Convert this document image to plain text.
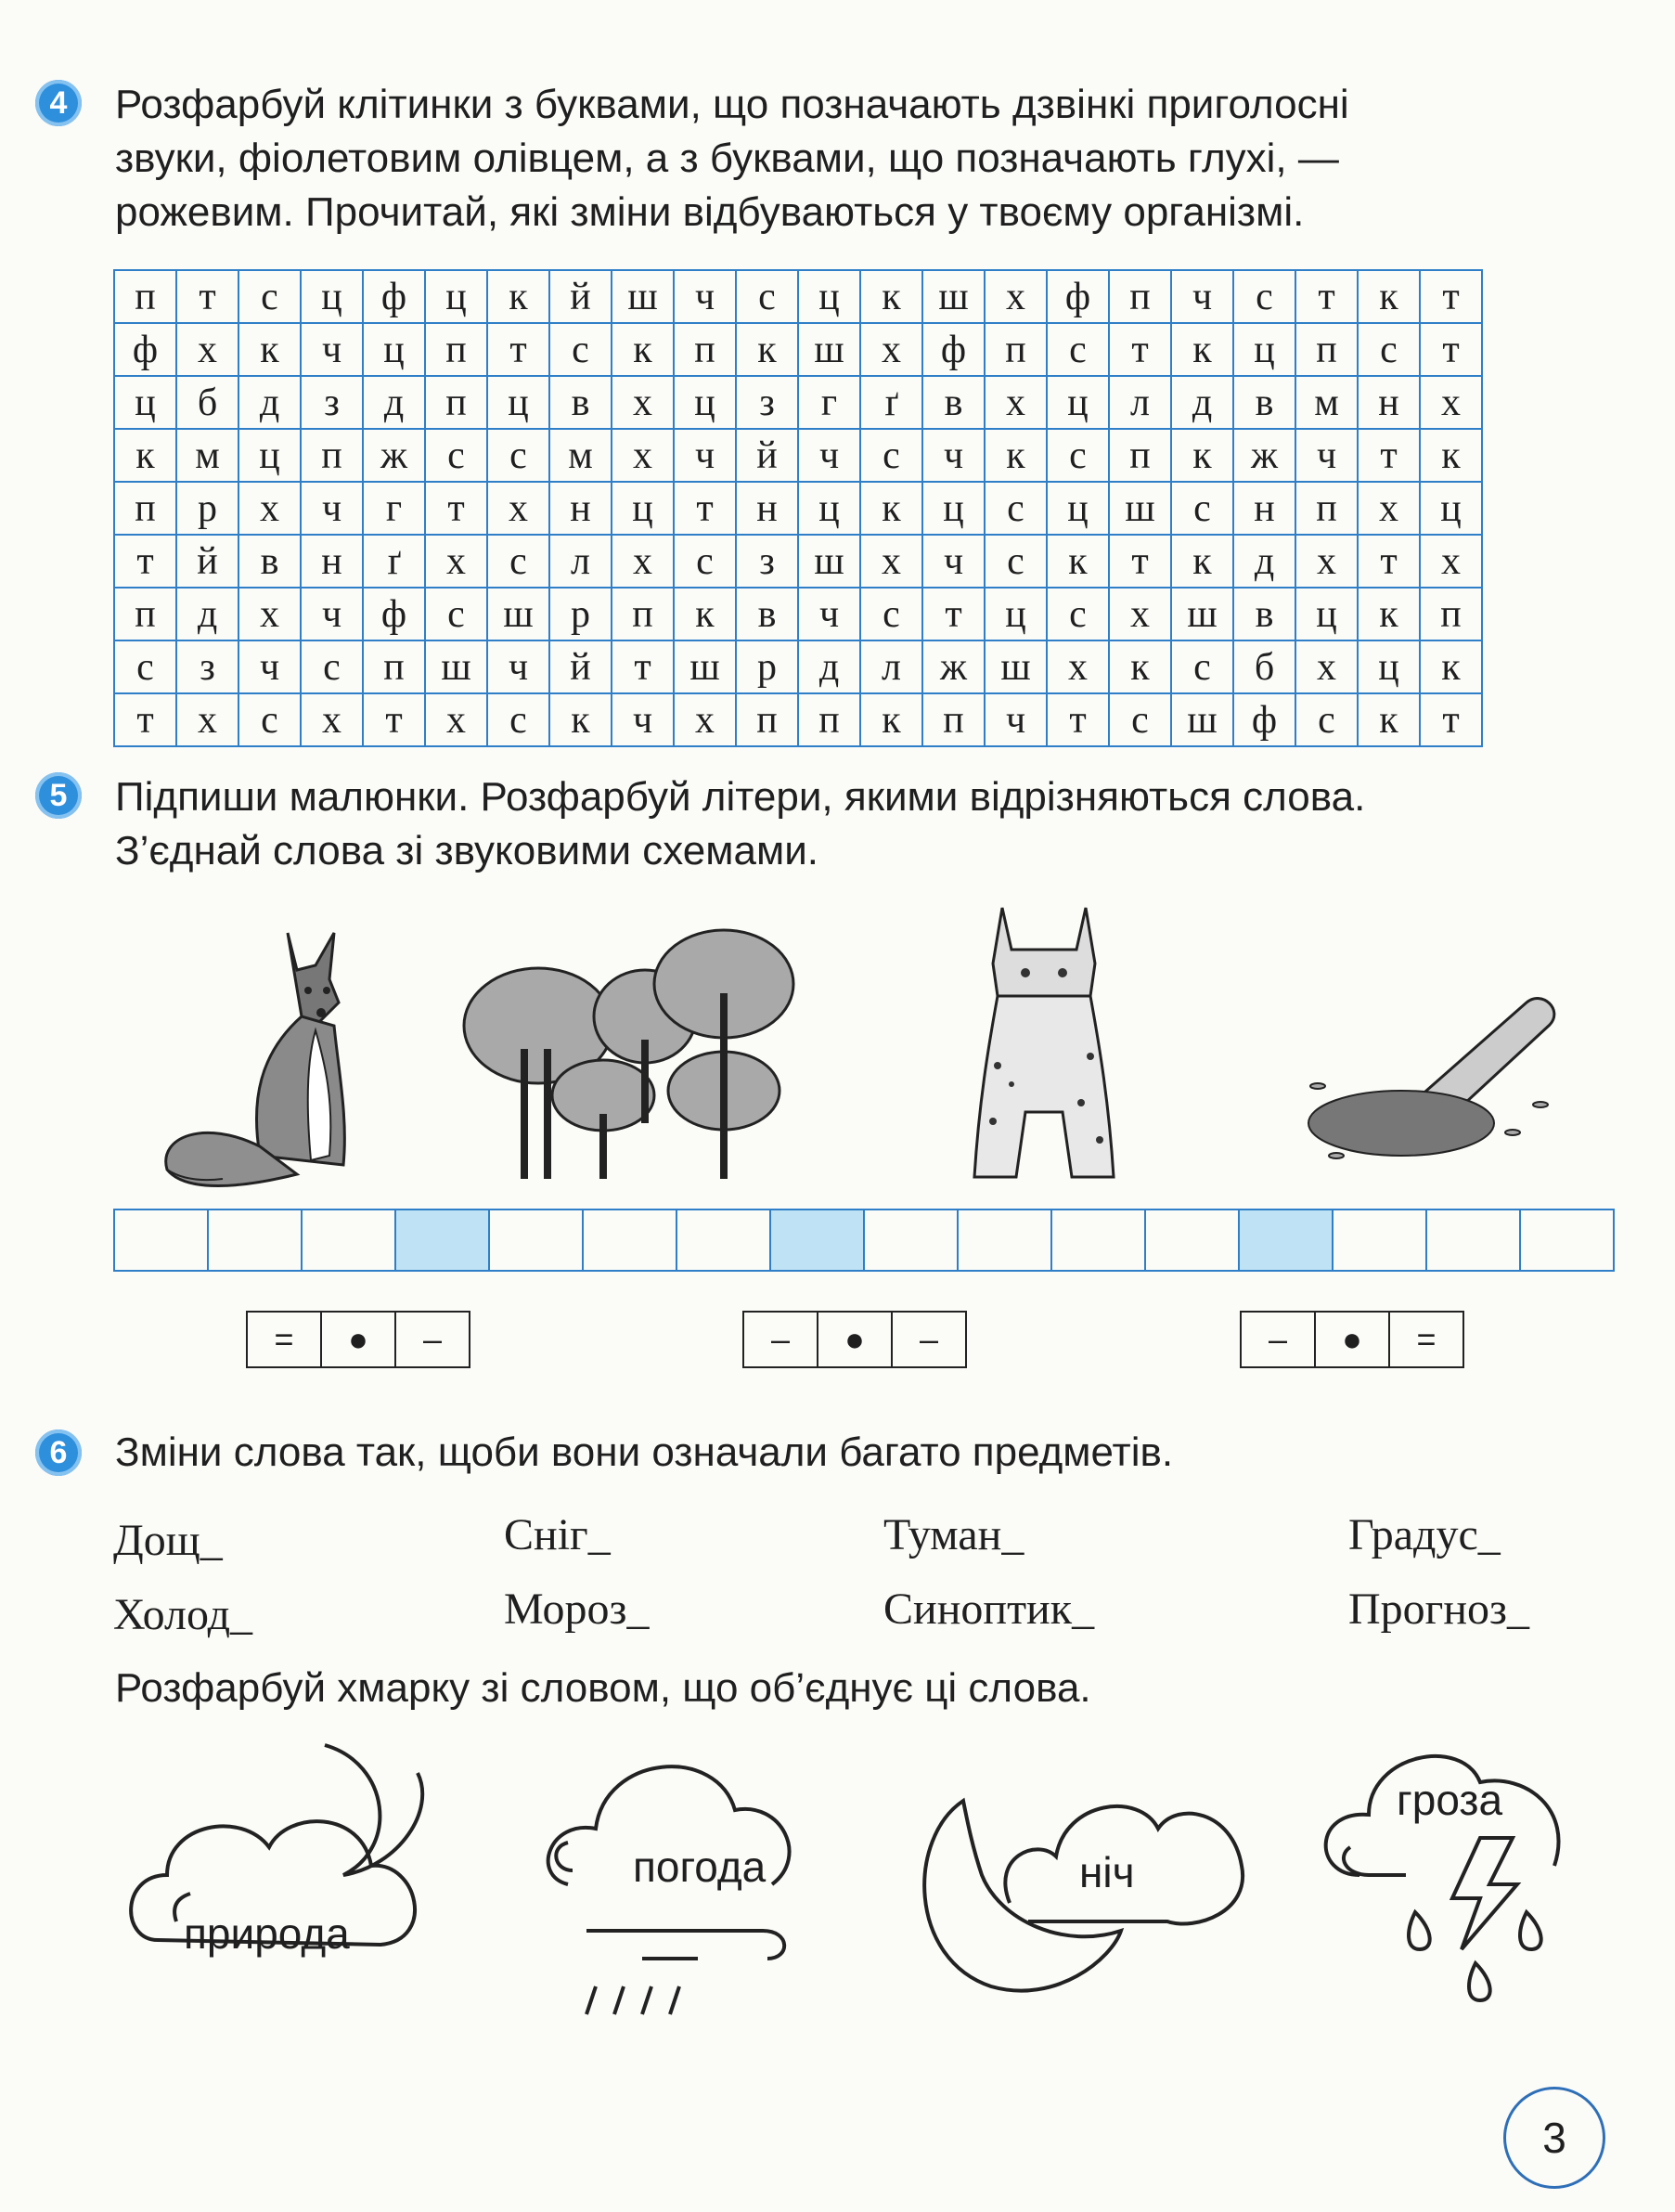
4	Розфарбуй клітинки з буквами, що позначають дзвінкі приголосні
звуки, фіолетовим олівцем, а з буквами, що позначають глухі, —
рожевим. Прочитай, які зміни відбуваються у твоєму організмі.
п	т	с	ц	ф	ц	к	й	ш	ч	с	ц	к	ш	х	ф	п	ч	с	т	к	т
ф	х	к	ч	ц	п	т	с	к	п	к	ш	х	ф	п	с	т	к	ц	п	с	т
ц	б	д	з	д	п	ц	в	х	ц	з	г	ґ	в	х	ц	л	д	в	м	н	х
к	м	ц	п	ж	с	с	м	х	ч	й	ч	с	ч	к	с	п	к	ж	ч	т	к
п	р	х	ч	г	т	х	н	ц	т	н	ц	к	ц	с	ц	ш	с	н	п	х	ц
т	й	в	н	ґ	х	с	л	х	с	з	ш	х	ч	с	к	т	к	д	х	т	х
п	д	х	ч	ф	с	ш	р	п	к	в	ч	с	т	ц	с	х	ш	в	ц	к	п
с	з	ч	с	п	ш	ч	й	т	ш	р	д	л	ж	ш	х	к	с	б	х	ц	к
т	х	с	х	т	х	с	к	ч	х	п	п	к	п	ч	т	с	ш	ф	с	к	т
5	Підпиши малюнки. Розфарбуй літери, якими відрізняються слова.
З’єднай слова зі звуковими схемами.
=	●	–	–	●	–	–	●	=
6	Зміни слова так, щоби вони означали багато предметів.
Дощ_	Сніг_	Туман_	Градус_
Холод_	Мороз_	Синоптик_	Прогноз_
Розфарбуй хмарку зі словом, що об’єднує ці слова.
природа
погода	ніч
гроза
3
